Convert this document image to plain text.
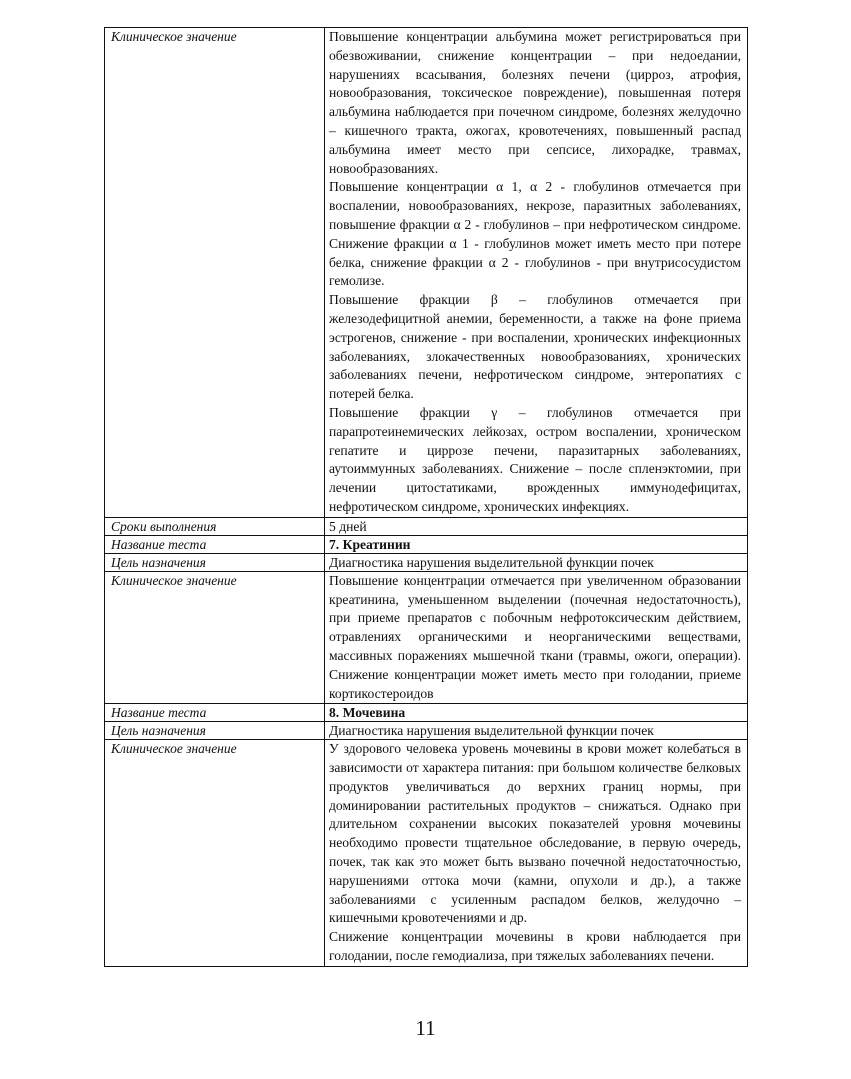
Клиническое значение	Повышение концентрации альбумина может регистрироваться при обезвоживании, снижение концентрации – при недоедании, нарушениях всасывания, болезнях печени (цирроз, атрофия, новообразования, токсическое повреждение), повышенная потеря альбумина наблюдается при почечном синдроме, болезнях желудочно – кишечного тракта, ожогах, кровотечениях, повышенный распад альбумина имеет место при сепсисе, лихорадке, травмах, новообразованиях.

Повышение концентрации α 1, α 2 - глобулинов отмечается при воспалении, новообразованиях, некрозе, паразитных заболеваниях, повышение фракции α 2 - глобулинов – при нефротическом синдроме. Снижение фракции α 1 - глобулинов может иметь место при потере белка, снижение фракции α 2 - глобулинов - при внутрисосудистом гемолизе.

Повышение фракции β – глобулинов отмечается при железодефицитной анемии, беременности, а также на фоне приема эстрогенов, снижение - при воспалении, хронических инфекционных заболеваниях, злокачественных новообразованиях, хронических заболеваниях печени, нефротическом синдроме, энтеропатиях с потерей белка.

Повышение фракции γ – глобулинов отмечается при парапротеинемических лейкозах, остром воспалении, хроническом гепатите и циррозе печени, паразитарных заболеваниях, аутоиммунных заболеваниях. Снижение – после спленэктомии, при лечении цитостатиками, врожденных иммунодефицитах, нефротическом синдроме, хронических инфекциях.

Сроки выполнения	5 дней
Название теста	7. Креатинин
Цель назначения	Диагностика нарушения выделительной функции почек
Клиническое значение	Повышение концентрации отмечается при увеличенном образовании креатинина, уменьшенном выделении (почечная недостаточность), при приеме препаратов с побочным нефротоксическим действием, отравлениях органическими и неорганическими веществами, массивных поражениях мышечной ткани (травмы, ожоги, операции). Снижение концентрации может иметь место при голодании, приеме кортикостероидов

Название теста	8. Мочевина
Цель назначения	Диагностика нарушения выделительной функции почек
Клиническое значение	У здорового человека уровень мочевины в крови может колебаться в зависимости от характера питания: при большом количестве белковых продуктов увеличиваться до верхних границ нормы, при доминировании растительных продуктов – снижаться. Однако при длительном сохранении высоких показателей уровня мочевины необходимо провести тщательное обследование, в первую очередь, почек, так как это может быть вызвано почечной недостаточностью, нарушениями оттока мочи (камни, опухоли и др.), а также заболеваниями с усиленным распадом белков, желудочно – кишечными кровотечениями и др.

Снижение концентрации мочевины в крови наблюдается при голодании, после гемодиализа, при тяжелых заболеваниях печени.

11
